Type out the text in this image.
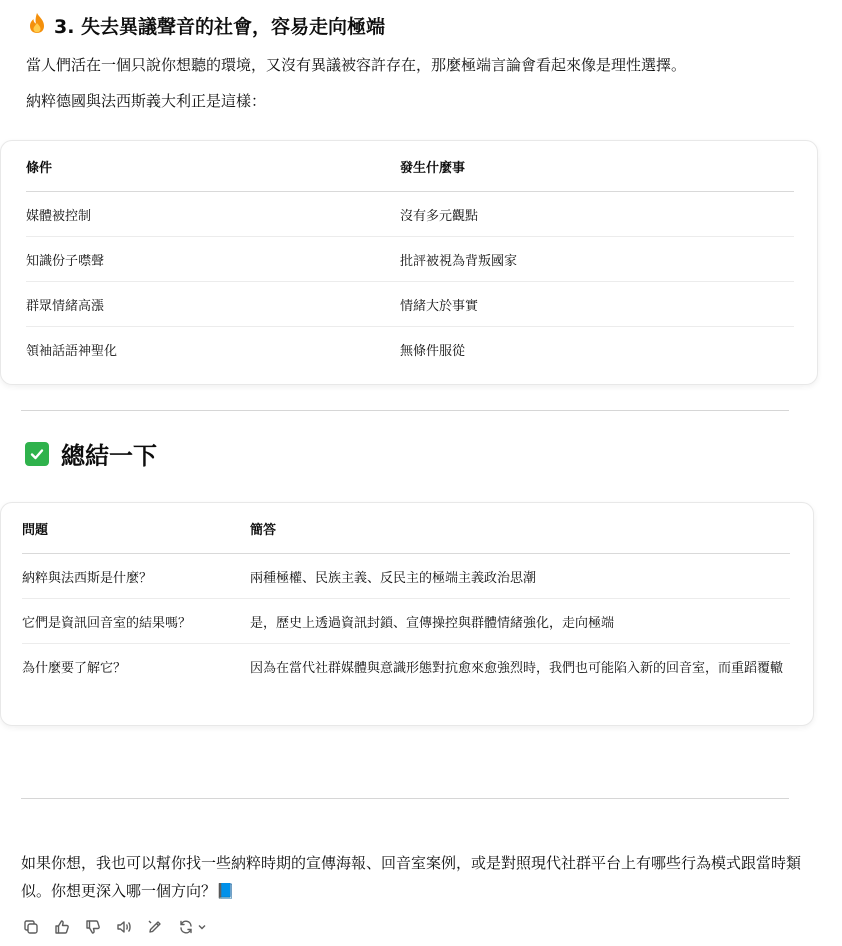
3. 失去異議聲音的社會，容易走向極端
當人們活在一個只說你想聽的環境，又沒有異議被容許存在，那麼極端言論會看起來像是理性選擇。
納粹德國與法西斯義大利正是這樣：
條件	發生什麼事
媒體被控制	沒有多元觀點
知識份子噤聲	批評被視為背叛國家
群眾情緒高漲	情緒大於事實
領袖話語神聖化	無條件服從
總結一下
問題	簡答
納粹與法西斯是什麼？	兩種極權、民族主義、反民主的極端主義政治思潮
它們是資訊回音室的結果嗎？	是，歷史上透過資訊封鎖、宣傳操控與群體情緒強化，走向極端
為什麼要了解它？	因為在當代社群媒體與意識形態對抗愈來愈強烈時，我們也可能陷入新的回音室，而重蹈覆轍
如果你想，我也可以幫你找一些納粹時期的宣傳海報、回音室案例，或是對照現代社群平台上有哪些行為模式跟當時類似。你想更深入哪一個方向？📘
